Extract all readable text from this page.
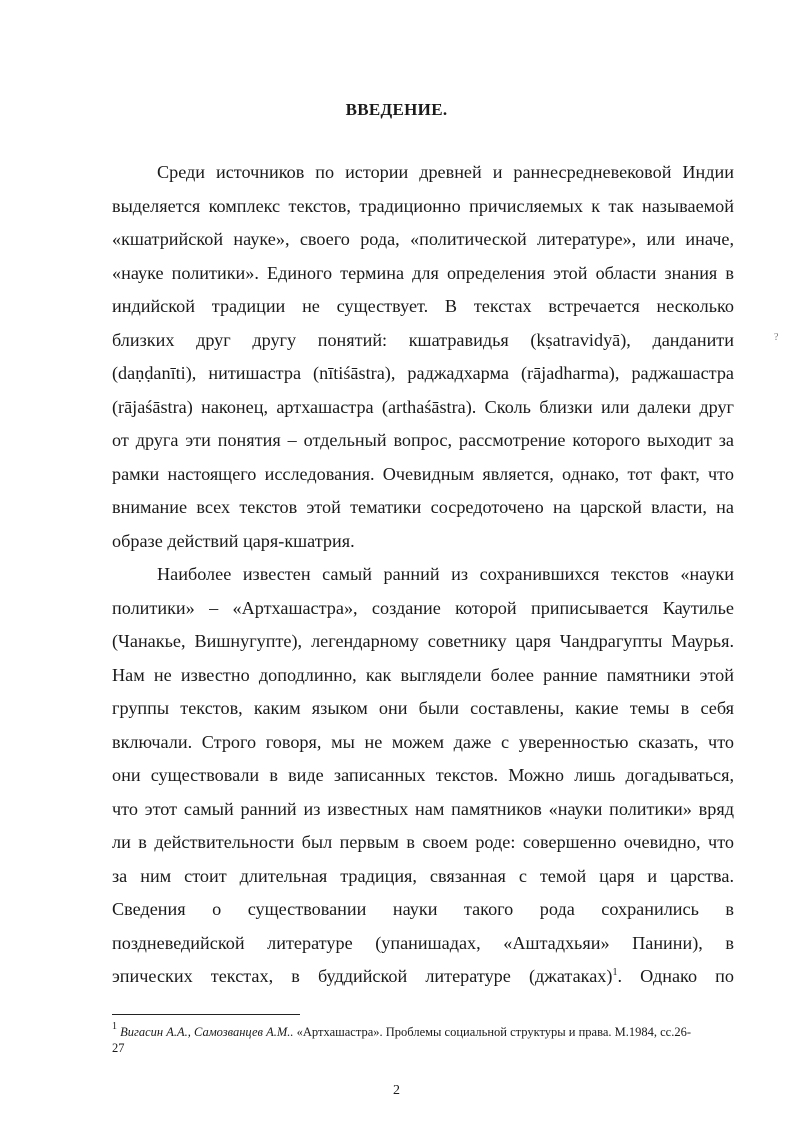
ВВЕДЕНИЕ.
Среди источников по истории древней и раннесредневековой Индии
выделяется комплекс текстов, традиционно причисляемых к так называемой
«кшатрийской науке», своего рода, «политической литературе», или иначе,
«науке политики». Единого термина для определения этой области знания в
индийской традиции не существует. В текстах встречается несколько
близких друг другу понятий: кшатравидья (kṣatravidyā), данданити
(daṇḍanīti), нитишастра (nītiśāstra), раджадхарма (rājadharma), раджашастра
(rājaśāstra) наконец, артхашастра (arthaśāstra). Сколь близки или далеки друг
от друга эти понятия – отдельный вопрос, рассмотрение которого выходит за
рамки настоящего исследования. Очевидным является, однако, тот факт, что
внимание всех текстов этой тематики сосредоточено на царской власти, на
образе действий царя-кшатрия.
Наиболее известен самый ранний из сохранившихся текстов «науки
политики» – «Артхашастра», создание которой приписывается Каутилье
(Чанакье, Вишнугупте), легендарному советнику царя Чандрагупты Маурья.
Нам не известно доподлинно, как выглядели более ранние памятники этой
группы текстов, каким языком они были составлены, какие темы в себя
включали. Строго говоря, мы не можем даже с уверенностью сказать, что
они существовали в виде записанных текстов. Можно лишь догадываться,
что этот самый ранний из известных нам памятников «науки политики» вряд
ли в действительности был первым в своем роде: совершенно очевидно, что
за ним стоит длительная традиция, связанная с темой царя и царства.
Сведения о существовании науки такого рода сохранились в
поздневедийской литературе (упанишадах, «Аштадхьяи» Панини), в
эпических текстах, в буддийской литературе (джатаках)$^1$. Однако по
?

$^1$ Вигасин А.А., Самозванцев А.М.. «Артхашастра». Проблемы социальной структуры и права. М.1984, сс.26-
27

2
